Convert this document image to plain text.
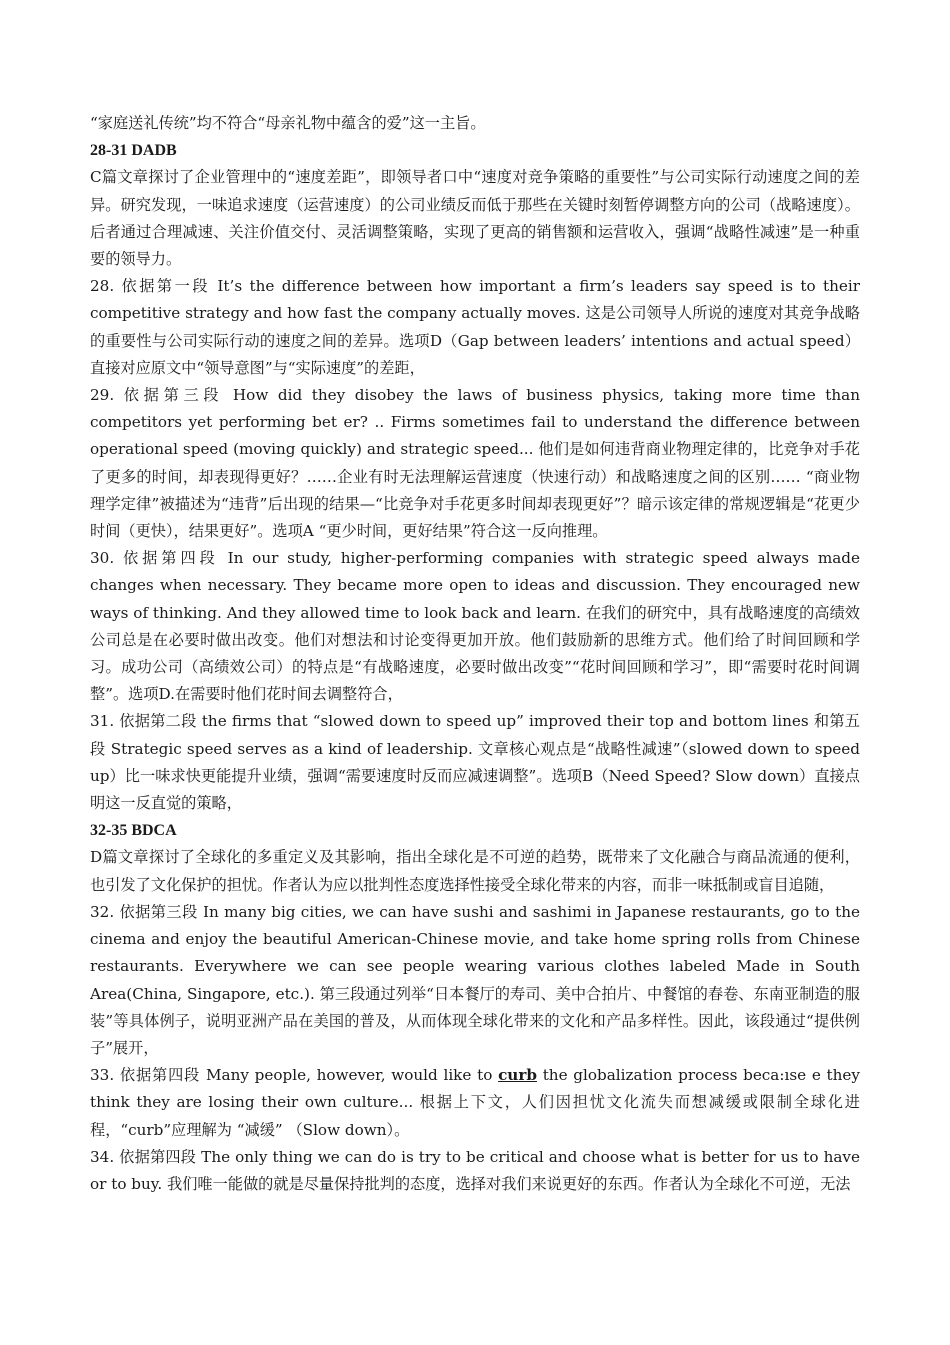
“家庭送礼传统”均不符合“母亲礼物中蕴含的爱”这一主旨。

28-31 DADB

C篇文章探讨了企业管理中的“速度差距”，即领导者口中“速度对竞争策略的重要性”与公司实际行动速度之间的差异。研究发现，一味追求速度（运营速度）的公司业绩反而低于那些在关键时刻暂停调整方向的公司（战略速度）。后者通过合理减速、关注价值交付、灵活调整策略，实现了更高的销售额和运营收入，强调“战略性减速”是一种重要的领导力。

28. 依据第一段 It’s the difference between how important a firm’s leaders say speed is to their competitive strategy and how fast the company actually moves. 这是公司领导人所说的速度对其竞争战略的重要性与公司实际行动的速度之间的差异。选项D（Gap between leaders’ intentions and actual speed）直接对应原文中“领导意图”与“实际速度”的差距，

29. 依据第三段 How did they disobey the laws of business physics, taking more time than competitors yet performing bet er? .. Firms sometimes fail to understand the difference between operational speed (moving quickly) and strategic speed... 他们是如何违背商业物理定律的，比竞争对手花了更多的时间，却表现得更好？……企业有时无法理解运营速度（快速行动）和战略速度之间的区别…… “商业物理学定律”被描述为“违背”后出现的结果—“比竞争对手花更多时间却表现更好”？暗示该定律的常规逻辑是“花更少时间（更快），结果更好”。选项A “更少时间，更好结果”符合这一反向推理。

30. 依据第四段 In our study, higher-performing companies with strategic speed always made changes when necessary. They became more open to ideas and discussion. They encouraged new ways of thinking. And they allowed time to look back and learn. 在我们的研究中，具有战略速度的高绩效公司总是在必要时做出改变。他们对想法和讨论变得更加开放。他们鼓励新的思维方式。他们给了时间回顾和学习。成功公司（高绩效公司）的特点是“有战略速度，必要时做出改变”“花时间回顾和学习”，即“需要时花时间调整”。选项D.在需要时他们花时间去调整符合，

31. 依据第二段 the firms that “slowed down to speed up” improved their top and bottom lines 和第五段 Strategic speed serves as a kind of leadership. 文章核心观点是“战略性减速”（slowed down to speed up）比一味求快更能提升业绩，强调“需要速度时反而应减速调整”。选项B（Need Speed? Slow down）直接点明这一反直觉的策略，

32-35 BDCA

D篇文章探讨了全球化的多重定义及其影响，指出全球化是不可逆的趋势，既带来了文化融合与商品流通的便利，也引发了文化保护的担忧。作者认为应以批判性态度选择性接受全球化带来的内容，而非一味抵制或盲目追随，

32. 依据第三段 In many big cities, we can have sushi and sashimi in Japanese restaurants, go to the cinema and enjoy the beautiful American-Chinese movie, and take home spring rolls from Chinese restaurants. Everywhere we can see people wearing various clothes labeled Made in South Area(China, Singapore, etc.). 第三段通过列举“日本餐厅的寿司、美中合拍片、中餐馆的春卷、东南亚制造的服装”等具体例子，说明亚洲产品在美国的普及，从而体现全球化带来的文化和产品多样性。因此，该段通过“提供例子”展开，

33. 依据第四段 Many people, however, would like to curb the globalization process beca:ıse e they think they are losing their own culture... 根据上下文，人们因担忧文化流失而想减缓或限制全球化进程，“curb”应理解为 “减缓” （Slow down）。

34. 依据第四段 The only thing we can do is try to be critical and choose what is better for us to have or to buy. 我们唯一能做的就是尽量保持批判的态度，选择对我们来说更好的东西。作者认为全球化不可逆，无法
